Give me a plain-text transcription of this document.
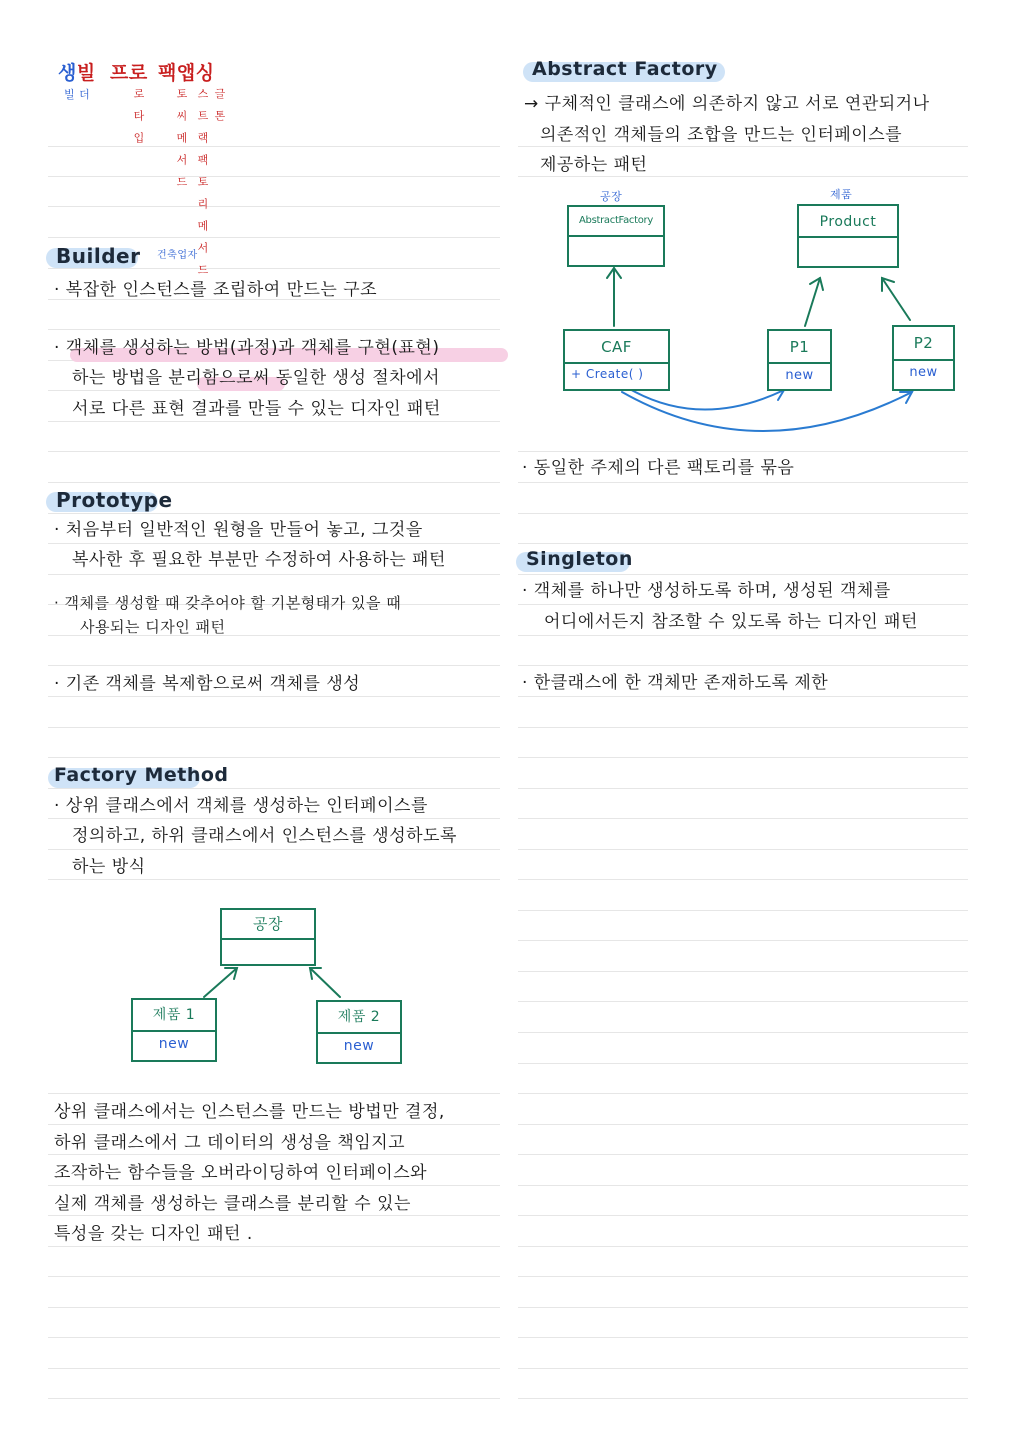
생빌 프로 팩앱싱
빌 더	로 타 입	토 씨 메 서 드 스 트 랙 팩 토 리 메 서 드 글 톤
Builder 건축업자
· 복잡한 인스턴스를 조립하여 만드는 구조
· 객체를 생성하는 방법(과정)과 객체를 구현(표현)
하는 방법을 분리함으로써 동일한 생성 절차에서
서로 다른 표현 결과를 만들 수 있는 디자인 패턴
Prototype
· 처음부터 일반적인 원형을 만들어 놓고, 그것을
복사한 후 필요한 부분만 수정하여 사용하는 패턴
· 객체를 생성할 때 갖추어야 할 기본형태가 있을 때
사용되는 디자인 패턴
· 기존 객체를 복제함으로써 객체를 생성
Factory Method
· 상위 클래스에서 객체를 생성하는 인터페이스를
정의하고, 하위 클래스에서 인스턴스를 생성하도록
하는 방식
공장
제품 1
new
제품 2
new
상위 클래스에서는 인스턴스를 만드는 방법만 결정,
하위 클래스에서 그 데이터의 생성을 책임지고
조작하는 함수들을 오버라이딩하여 인터페이스와
실제 객체를 생성하는 클래스를 분리할 수 있는
특성을 갖는 디자인 패턴 .
Abstract Factory
→ 구체적인 클래스에 의존하지 않고 서로 연관되거나
의존적인 객체들의 조합을 만드는 인터페이스를
제공하는 패턴
공장	제품
AbstractFactory	Product
CAF
+ Create( )
P1
new
P2
new
· 동일한 주제의 다른 팩토리를 묶음
Singleton
· 객체를 하나만 생성하도록 하며, 생성된 객체를
어디에서든지 참조할 수 있도록 하는 디자인 패턴
· 한클래스에 한 객체만 존재하도록 제한
